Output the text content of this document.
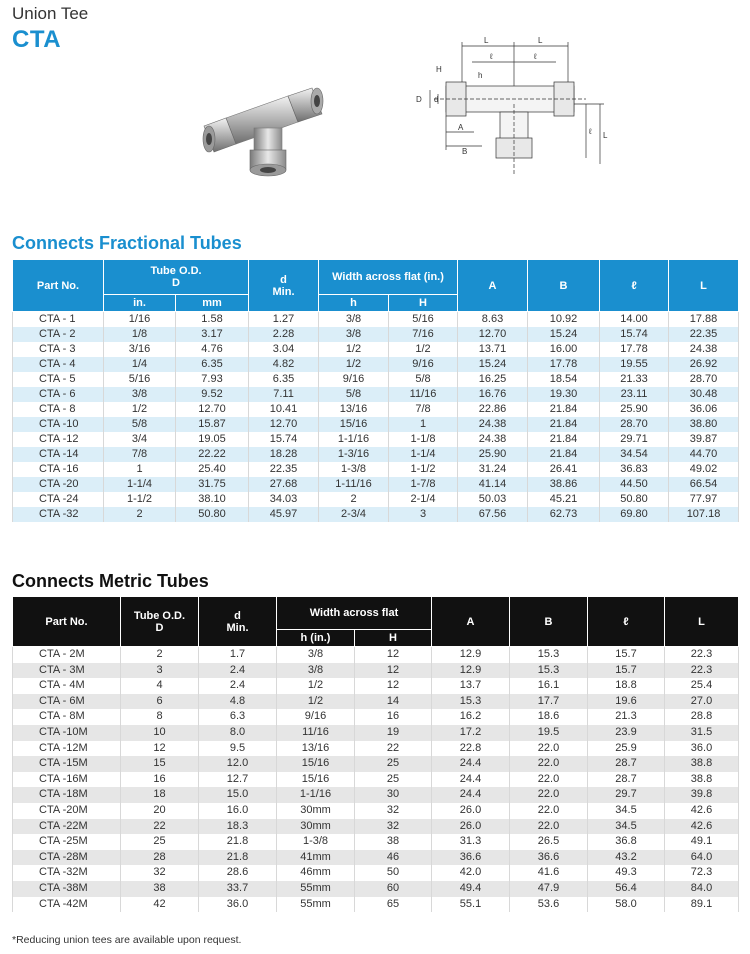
Union Tee
CTA	L	L
ℓ	ℓ
H
h
D d
A
B
ℓ L
Connects Fractional Tubes
Part No.	Tube O.D.
D		d
Min.	Width across flat (in.)		A	B	ℓ	L
	in.	mm		h	H				
CTA - 1	1/16	1.58	1.27	3/8	5/16	8.63	10.92	14.00	17.88
CTA - 2	1/8	3.17	2.28	3/8	7/16	12.70	15.24	15.74	22.35
CTA - 3	3/16	4.76	3.04	1/2	1/2	13.71	16.00	17.78	24.38
CTA - 4	1/4	6.35	4.82	1/2	9/16	15.24	17.78	19.55	26.92
CTA - 5	5/16	7.93	6.35	9/16	5/8	16.25	18.54	21.33	28.70
CTA - 6	3/8	9.52	7.11	5/8	11/16	16.76	19.30	23.11	30.48
CTA - 8	1/2	12.70	10.41	13/16	7/8	22.86	21.84	25.90	36.06
CTA -10	5/8	15.87	12.70	15/16	1	24.38	21.84	28.70	38.80
CTA -12	3/4	19.05	15.74	1-1/16	1-1/8	24.38	21.84	29.71	39.87
CTA -14	7/8	22.22	18.28	1-3/16	1-1/4	25.90	21.84	34.54	44.70
CTA -16	1	25.40	22.35	1-3/8	1-1/2	31.24	26.41	36.83	49.02
CTA -20	1-1/4	31.75	27.68	1-11/16	1-7/8	41.14	38.86	44.50	66.54
CTA -24	1-1/2	38.10	34.03	2	2-1/4	50.03	45.21	50.80	77.97
CTA -32	2	50.80	45.97	2-3/4	3	67.56	62.73	69.80	107.18
Connects Metric Tubes
Part No.	Tube O.D.
D	d
Min.	Width across flat		A	B	ℓ	L
			h (in.)	H				
CTA - 2M	2	1.7	3/8	12	12.9	15.3	15.7	22.3
CTA - 3M	3	2.4	3/8	12	12.9	15.3	15.7	22.3
CTA - 4M	4	2.4	1/2	12	13.7	16.1	18.8	25.4
CTA - 6M	6	4.8	1/2	14	15.3	17.7	19.6	27.0
CTA - 8M	8	6.3	9/16	16	16.2	18.6	21.3	28.8
CTA -10M	10	8.0	11/16	19	17.2	19.5	23.9	31.5
CTA -12M	12	9.5	13/16	22	22.8	22.0	25.9	36.0
CTA -15M	15	12.0	15/16	25	24.4	22.0	28.7	38.8
CTA -16M	16	12.7	15/16	25	24.4	22.0	28.7	38.8
CTA -18M	18	15.0	1-1/16	30	24.4	22.0	29.7	39.8
CTA -20M	20	16.0	30mm	32	26.0	22.0	34.5	42.6
CTA -22M	22	18.3	30mm	32	26.0	22.0	34.5	42.6
CTA -25M	25	21.8	1-3/8	38	31.3	26.5	36.8	49.1
CTA -28M	28	21.8	41mm	46	36.6	36.6	43.2	64.0
CTA -32M	32	28.6	46mm	50	42.0	41.6	49.3	72.3
CTA -38M	38	33.7	55mm	60	49.4	47.9	56.4	84.0
CTA -42M	42	36.0	55mm	65	55.1	53.6	58.0	89.1
*Reducing union tees are available upon request.
